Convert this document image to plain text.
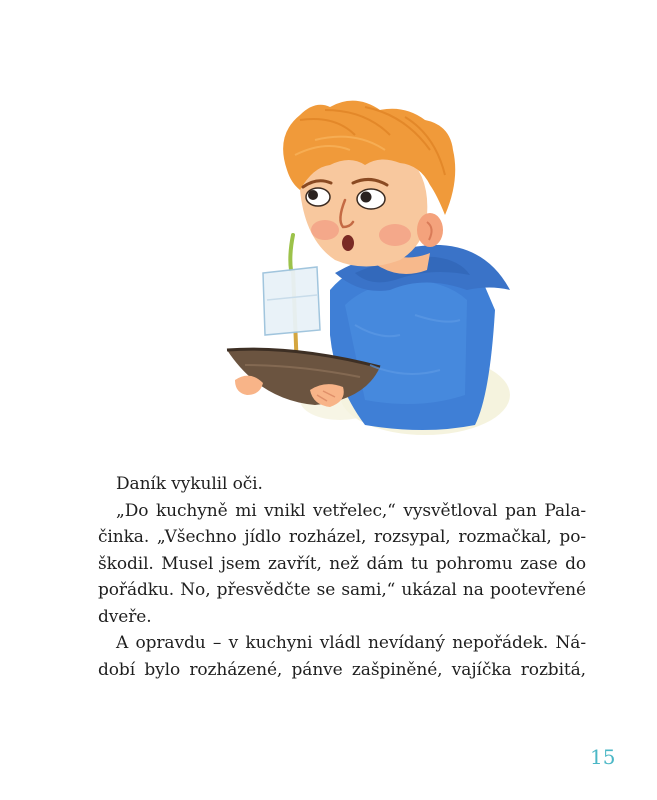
Daník vykulil oči.
„Do kuchyně mi vnikl vetřelec,“ vysvětloval pan Pala-
činka. „Všechno jídlo rozházel, rozsypal, rozmačkal, po-
škodil. Musel jsem zavřít, než dám tu pohromu zase do
pořádku. No, přesvědčte se sami,“ ukázal na pootevřené
dveře.
A opravdu – v kuchyni vládl nevídaný nepořádek. Ná-
dobí bylo rozházené, pánve zašpiněné, vajíčka rozbitá,
15
